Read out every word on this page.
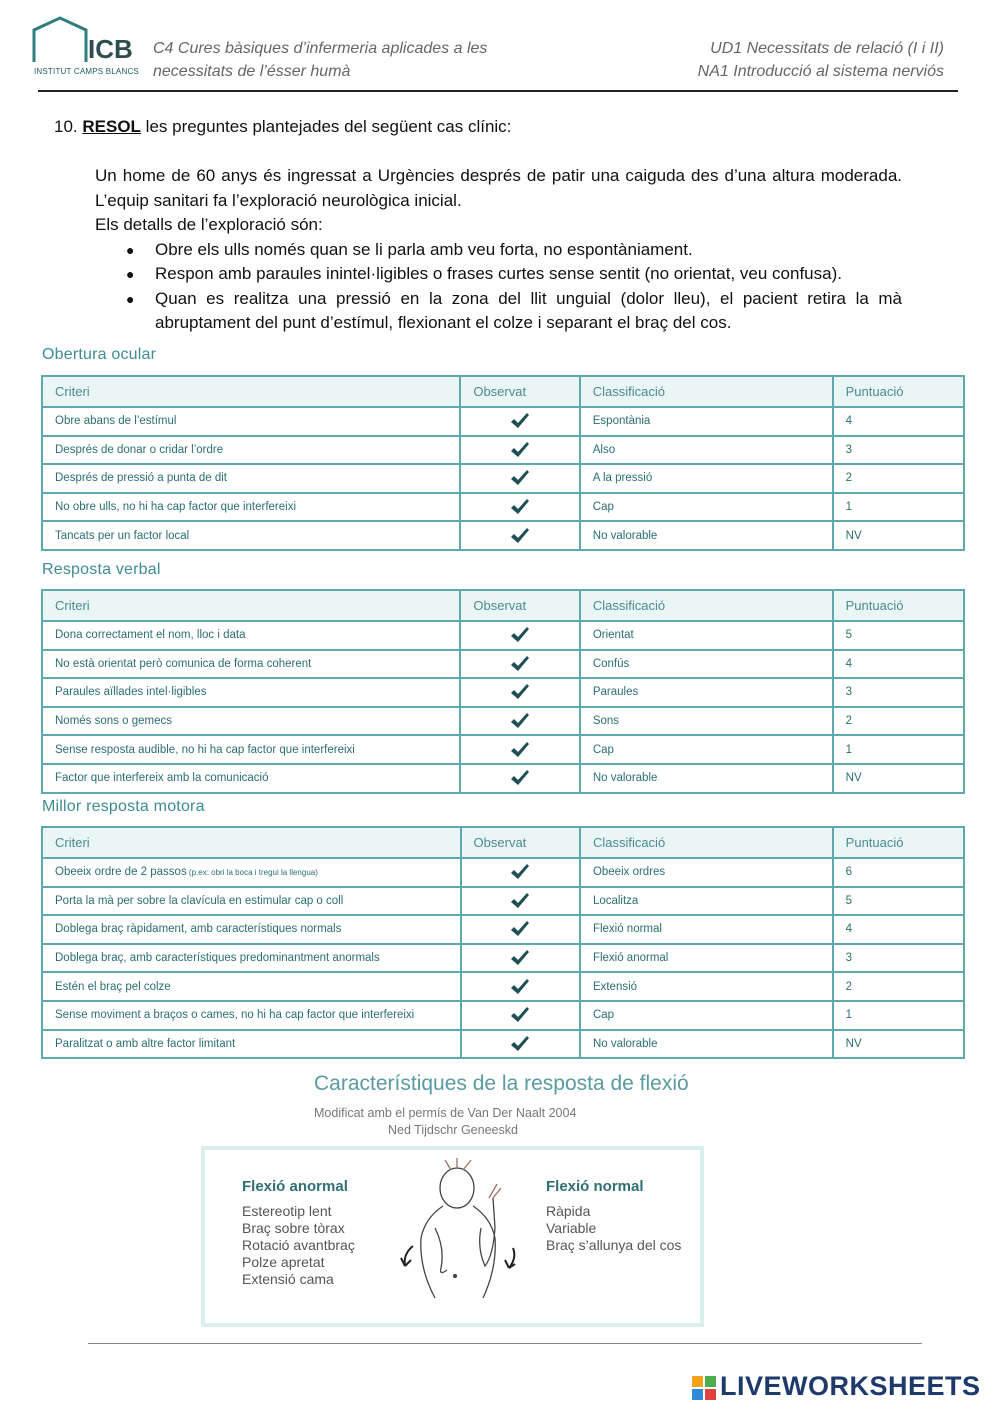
ICB
INSTITUT CAMPS BLANCS
C4 Cures bàsiques d’infermeria aplicades a les
necessitats de l’ésser humà
UD1 Necessitats de relació (I i II)
NA1 Introducció al sistema nerviós
10. RESOL les preguntes plantejades del següent cas clínic:

Un home de 60 anys és ingressat a Urgències després de patir una caiguda des d’una altura moderada. L’equip sanitari fa l’exploració neurològica inicial.

Els detalls de l’exploració són:

● Obre els ulls només quan se li parla amb veu forta, no espontàniament.
● Respon amb paraules inintel·ligibles o frases curtes sense sentit (no orientat, veu confusa).
● Quan es realitza una pressió en la zona del llit unguial (dolor lleu), el pacient retira la mà abruptament del punt d’estímul, flexionant el colze i separant el braç del cos.
Obertura ocular
Criteri	Observat	Classificació	Puntuació
Obre abans de l’estímul		Espontània	4
Després de donar o cridar l’ordre		Also	3
Després de pressió a punta de dit		A la pressió	2
No obre ulls, no hi ha cap factor que interfereixi		Cap	1
Tancats per un factor local		No valorable	NV
Resposta verbal
Criteri	Observat	Classificació	Puntuació
Dona correctament el nom, lloc i data		Orientat	5
No està orientat però comunica de forma coherent		Confús	4
Paraules aïllades intel·ligibles		Paraules	3
Només sons o gemecs		Sons	2
Sense resposta audible, no hi ha cap factor que interfereixi		Cap	1
Factor que interfereix amb la comunicació		No valorable	NV
Millor resposta motora
Criteri	Observat	Classificació	Puntuació
Obeeix ordre de 2 passos (p.ex: obri la boca i tregui la llengua)		Obeeix ordres	6
Porta la mà per sobre la clavícula en estimular cap o coll		Localitza	5
Doblega braç ràpidament, amb característiques normals		Flexió normal	4
Doblega braç, amb característiques predominantment anormals		Flexió anormal	3
Estén el braç pel colze		Extensió	2
Sense moviment a braços o cames, no hi ha cap factor que interfereixi		Cap	1
Paralitzat o amb altre factor limitant		No valorable	NV
Característiques de la resposta de flexió
Modificat amb el permís de Van Der Naalt 2004
Ned Tijdschr Geneeskd
Flexió anormal
Estereotip lent
Braç sobre tòrax
Rotació avantbraç
Polze apretat
Extensió cama
Flexió normal
Ràpida
Variable
Braç s’allunya del cos
LIVEWORKSHEETS
